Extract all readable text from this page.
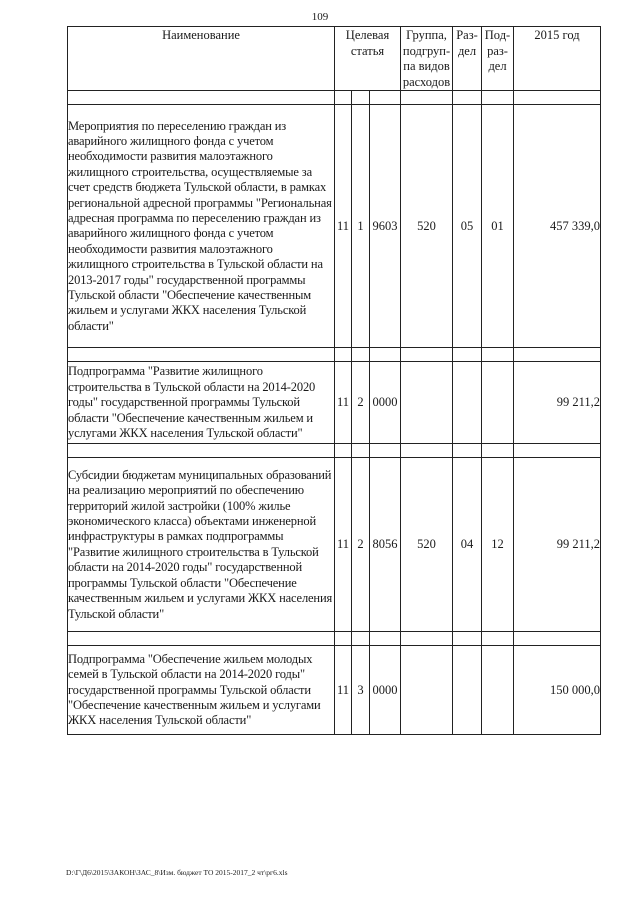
109
Наименование	Целевая статья			Группа, подгруп- па видов расходов	Раз- дел	Под- раз- дел	2015 год

Мероприятия по переселению граждан из аварийного жилищного фонда с учетом необходимости развития малоэтажного жилищного строительства, осуществляемые за счет средств бюджета Тульской области, в рамках региональной адресной программы "Региональная адресная программа по переселению граждан из аварийного жилищного фонда с учетом необходимости развития малоэтажного жилищного строительства в Тульской области на 2013-2017 годы" государственной программы Тульской области "Обеспечение качественным жильем и услугами ЖКХ населения Тульской области"	11	1	9603	520	05	01	457 339,0

Подпрограмма "Развитие жилищного строительства в Тульской области на 2014-2020 годы" государственной программы Тульской области "Обеспечение качественным жильем и услугами ЖКХ населения Тульской области"	11	2	0000				99 211,2

Субсидии бюджетам муниципальных образований на реализацию мероприятий по обеспечению территорий жилой застройки (100% жилье экономического класса) объектами инженерной инфраструктуры в рамках подпрограммы "Развитие жилищного строительства в Тульской области на 2014-2020 годы" государственной программы Тульской области "Обеспечение качественным жильем и услугами ЖКХ населения Тульской области"	11	2	8056	520	04	12	99 211,2

Подпрограмма "Обеспечение жильем молодых семей в Тульской области на 2014-2020 годы" государственной программы Тульской области "Обеспечение качественным жильем и услугами ЖКХ населения Тульской области"	11	3	0000				150 000,0
D:\Г\Д6\2015\ЗАКОН\ЗАС_8\Изм. бюджет ТО 2015-2017_2 чт\рг6.xls
